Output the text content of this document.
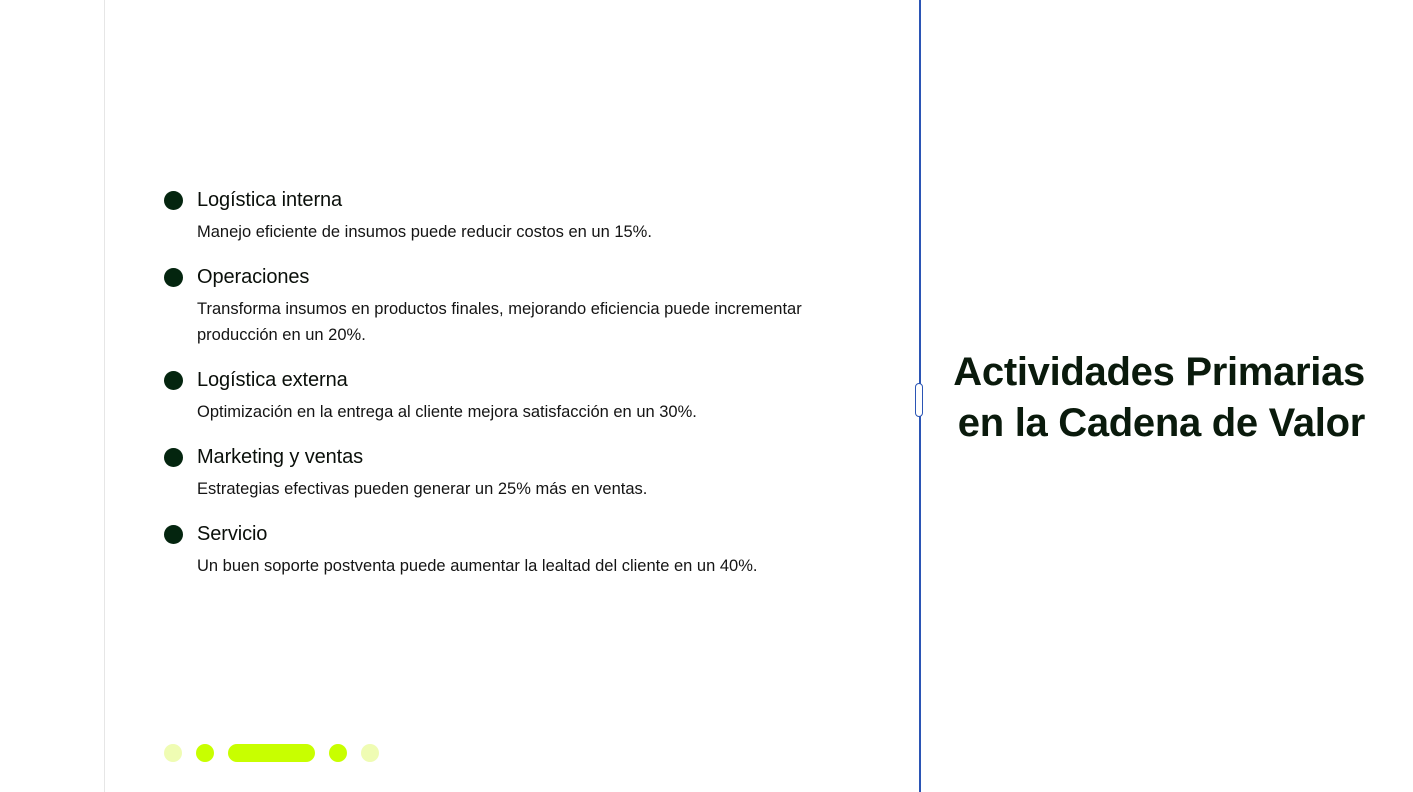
Logística interna
Manejo eficiente de insumos puede reducir costos en un 15%.
Operaciones
Transforma insumos en productos finales, mejorando eficiencia puede incrementar producción en un 20%.
Logística externa
Optimización en la entrega al cliente mejora satisfacción en un 30%.
Marketing y ventas
Estrategias efectivas pueden generar un 25% más en ventas.
Servicio
Un buen soporte postventa puede aumentar la lealtad del cliente en un 40%.
Actividades Primarias
en la Cadena de Valor
